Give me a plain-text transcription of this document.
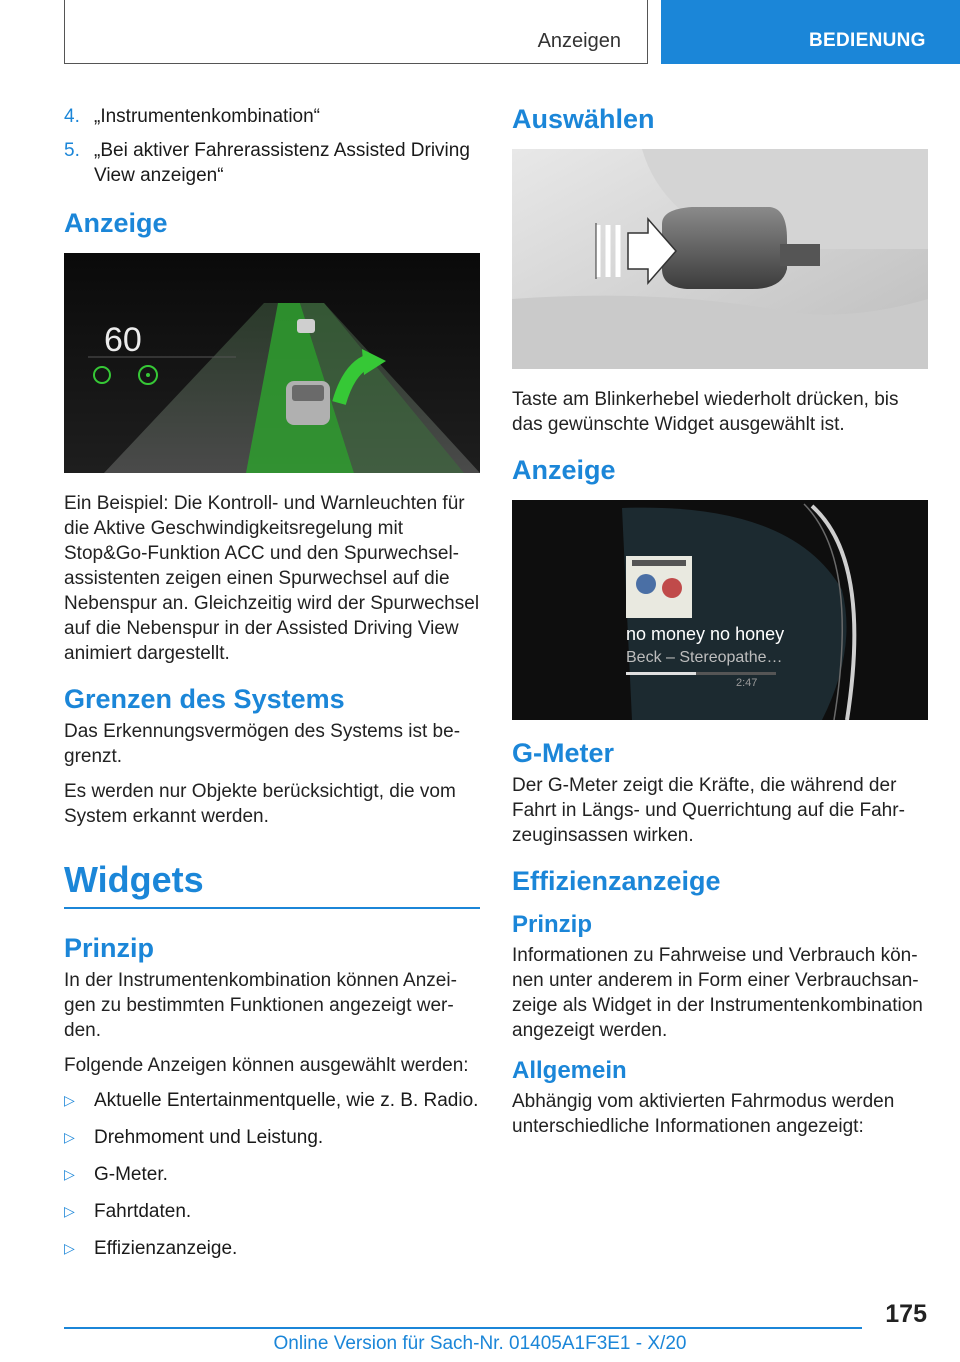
Anzeigen	BEDIENUNG
4. „Instrumentenkombination“
5. „Bei aktiver Fahrerassistenz Assisted Driving View anzeigen“
Anzeige
60

Ein Beispiel: Die Kontroll- und Warnleuchten für die Aktive Geschwindigkeitsregelung mit Stop&Go-Funktion ACC und den Spurwechselassistenten zeigen einen Spurwechsel auf die Nebenspur an. Gleichzeitig wird der Spurwechsel auf die Nebenspur in der Assisted Driving View animiert dargestellt.

Grenzen des Systems

Das Erkennungsvermögen des Systems ist begrenzt.

Es werden nur Objekte berücksichtigt, die vom System erkannt werden.

Widgets
Prinzip

In der Instrumentenkombination können Anzeigen zu bestimmten Funktionen angezeigt werden.

Folgende Anzeigen können ausgewählt werden:

▷	Aktuelle Entertainmentquelle, wie z. B. Radio.
▷	Drehmoment und Leistung.
▷	G-Meter.
▷	Fahrtdaten.
▷	Effizienzanzeige.
Auswählen

Taste am Blinkerhebel wiederholt drücken, bis das gewünschte Widget ausgewählt ist.

Anzeige
no money no honey
Beck – Stereopathe…
2:47
G-Meter

Der G-Meter zeigt die Kräfte, die während der Fahrt in Längs- und Querrichtung auf die Fahrzeuginsassen wirken.

Effizienzanzeige
Prinzip

Informationen zu Fahrweise und Verbrauch können unter anderem in Form einer Verbrauchsanzeige als Widget in der Instrumentenkombination angezeigt werden.

Allgemein

Abhängig vom aktivierten Fahrmodus werden unterschiedliche Informationen angezeigt:

175
Online Version für Sach-Nr. 01405A1F3E1 - X/20
